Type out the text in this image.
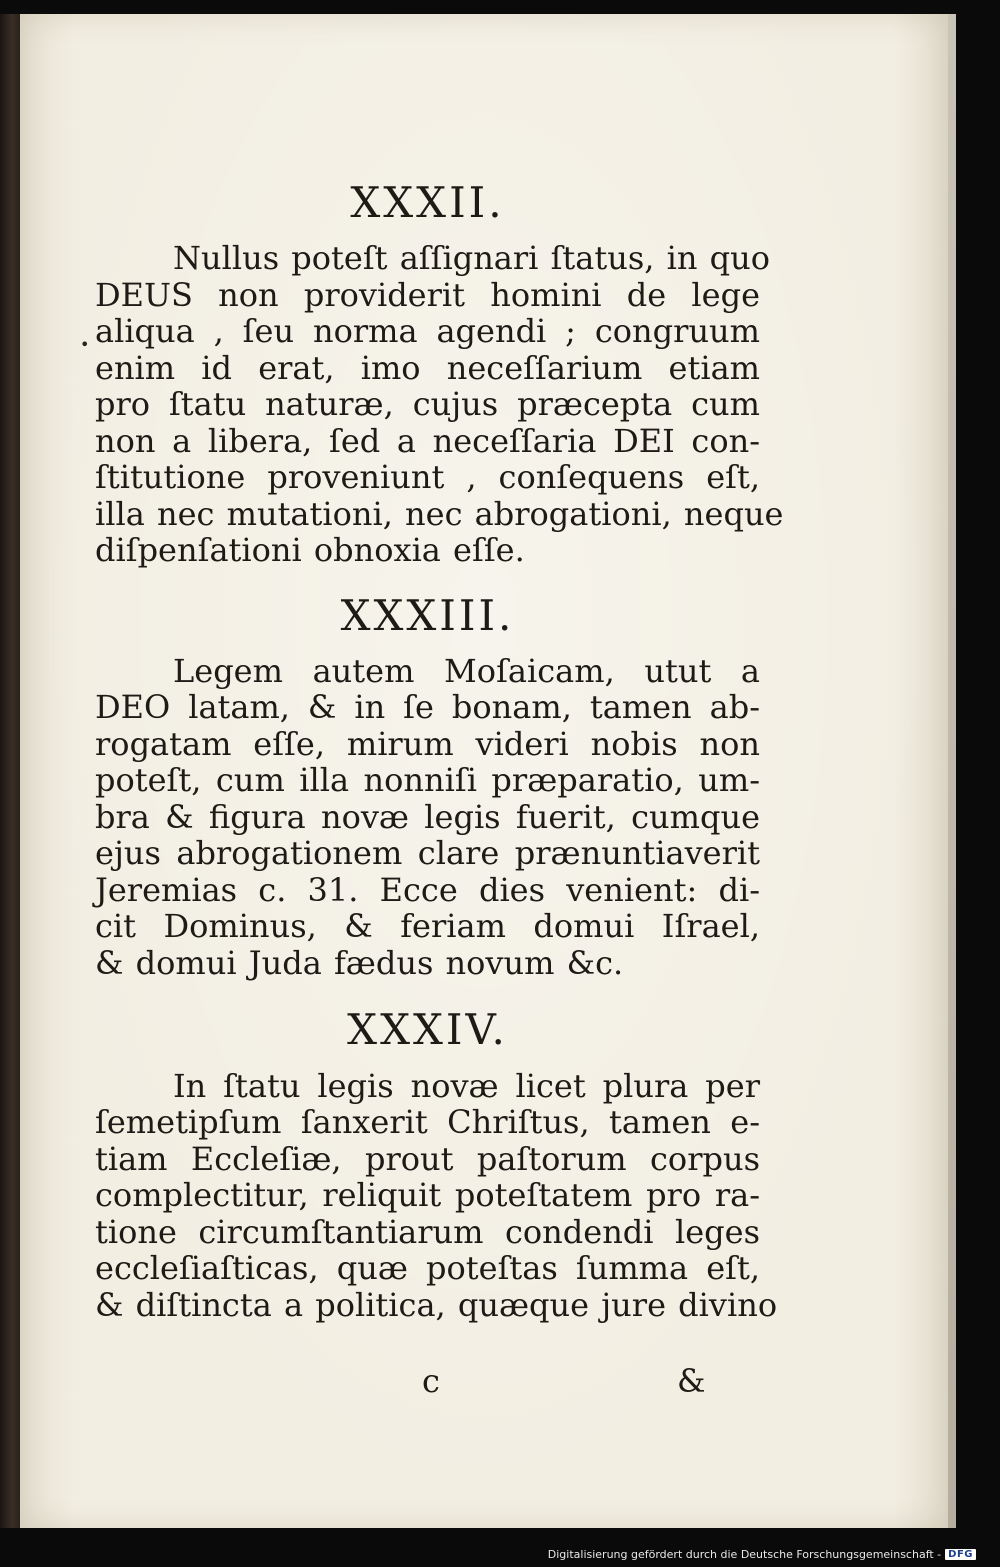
•
XXXII.

Nullus poteſt aſſignari ſtatus, in quo
DEUS non providerit homini de lege
aliqua , ſeu norma agendi ; congruum
enim id erat, imo neceſſarium etiam
pro ſtatu naturæ, cujus præcepta cum
non a libera, ſed a neceſſaria DEI con-
ſtitutione proveniunt , conſequens eſt,
illa nec mutationi, nec abrogationi, neque
diſpenſationi obnoxia eſſe.

XXXIII.

Legem autem Moſaicam, utut a
DEO latam, & in ſe bonam, tamen ab-
rogatam eſſe, mirum videri nobis non
poteſt, cum illa nonniſi præparatio, um-
bra & figura novæ legis fuerit, cumque
ejus abrogationem clare prænuntiaverit
Jeremias c. 31. Ecce dies venient: di-
cit Dominus, & feriam domui Iſrael,
& domui Juda fædus novum &c.

XXXIV.

In ſtatu legis novæ licet plura per
ſemetipſum ſanxerit Chriſtus, tamen e-
tiam Eccleſiæ, prout paſtorum corpus
complectitur, reliquit poteſtatem pro ra-
tione circumſtantiarum condendi leges
eccleſiaſticas, quæ poteſtas ſumma eſt,
& diſtincta a politica, quæque jure divino

c	&
Digitalisierung gefördert durch die Deutsche Forschungsgemeinschaft - DFG
